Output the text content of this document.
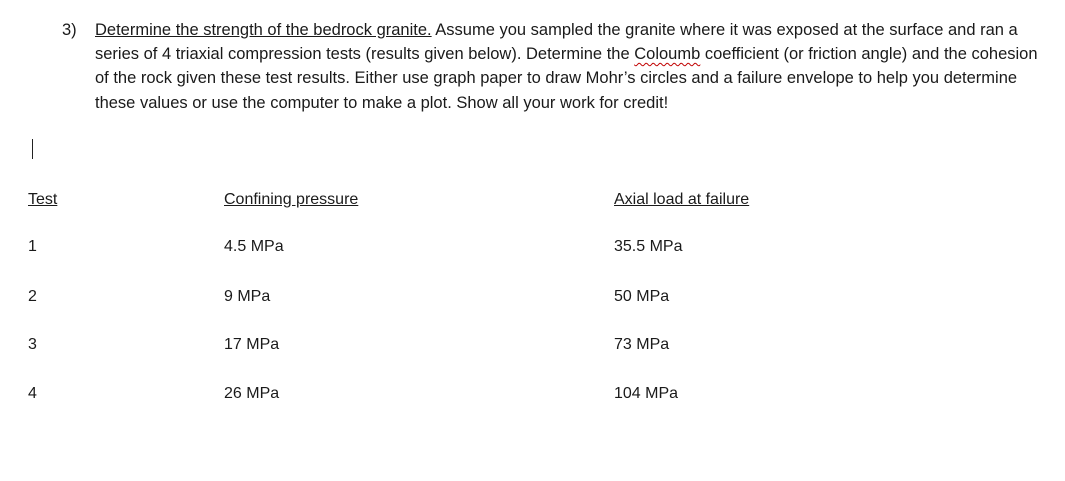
3) Determine the strength of the bedrock granite. Assume you sampled the granite where it was exposed at the surface and ran a series of 4 triaxial compression tests (results given below). Determine the Coloumb coefficient (or friction angle) and the cohesion of the rock given these test results. Either use graph paper to draw Mohr’s circles and a failure envelope to help you determine these values or use the computer to make a plot. Show all your work for credit!
Test	Confining pressure	Axial load at failure
1	4.5 MPa	35.5 MPa
2	9 MPa	50 MPa
3	17 MPa	73 MPa
4	26 MPa	104 MPa
